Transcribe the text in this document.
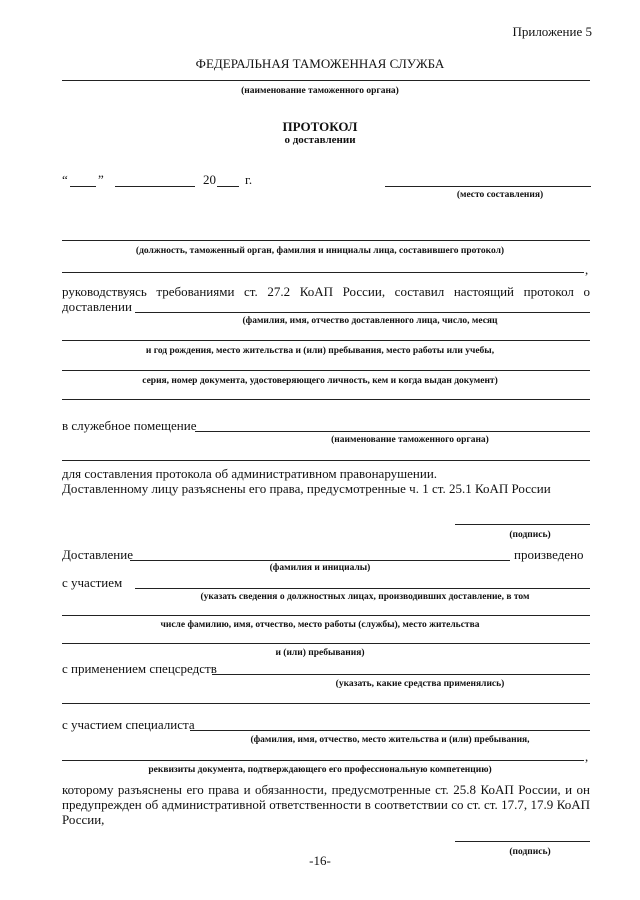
Приложение 5
ФЕДЕРАЛЬНАЯ ТАМОЖЕННАЯ СЛУЖБА
(наименование таможенного органа)
ПРОТОКОЛ
о доставлении
“ ”	20 г.
(место составления)
(должность, таможенный орган, фамилия и инициалы лица, составившего протокол)
,
руководствуясь требованиями ст. 27.2 КоАП России, составил настоящий протокол о
доставлении
(фамилия, имя, отчество доставленного лица, число, месяц
и год рождения, место жительства и (или) пребывания, место работы или учебы,
серия, номер документа, удостоверяющего личность, кем и когда выдан документ)
в служебное помещение
(наименование таможенного органа)
для составления протокола об административном правонарушении.
Доставленному лицу разъяснены его права, предусмотренные ч. 1 ст. 25.1 КоАП России
(подпись)
Доставление	произведено
(фамилия и инициалы)
с участием
(указать сведения о должностных лицах, производивших доставление, в том
числе фамилию, имя, отчество, место работы (службы), место жительства
и (или) пребывания)
с применением спецсредств
(указать, какие средства применялись)
с участием специалиста
(фамилия, имя, отчество, место жительства и (или) пребывания,
,
реквизиты документа, подтверждающего его профессиональную компетенцию)
которому разъяснены его права и обязанности, предусмотренные ст. 25.8 КоАП России, и он
предупрежден об административной ответственности в соответствии со ст. ст. 17.7, 17.9 КоАП
России,
(подпись)
-16-
